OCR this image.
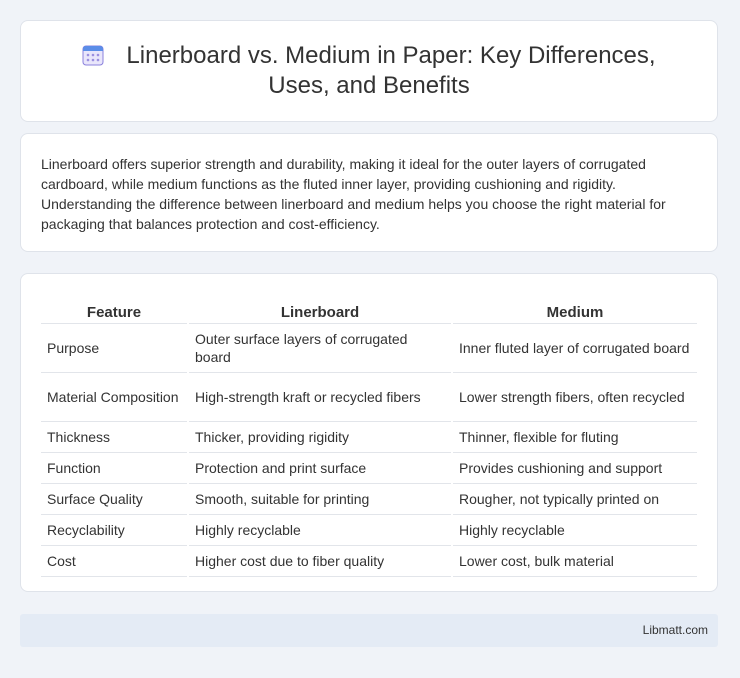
Linerboard vs. Medium in Paper: Key Differences, Uses, and Benefits

Linerboard offers superior strength and durability, making it ideal for the outer layers of corrugated cardboard, while medium functions as the fluted inner layer, providing cushioning and rigidity. Understanding the difference between linerboard and medium helps you choose the right material for packaging that balances protection and cost-efficiency.

Feature	Linerboard	Medium
Purpose	Outer surface layers of corrugated board	Inner fluted layer of corrugated board
Material Composition	High-strength kraft or recycled fibers	Lower strength fibers, often recycled
Thickness	Thicker, providing rigidity	Thinner, flexible for fluting
Function	Protection and print surface	Provides cushioning and support
Surface Quality	Smooth, suitable for printing	Rougher, not typically printed on
Recyclability	Highly recyclable	Highly recyclable
Cost	Higher cost due to fiber quality	Lower cost, bulk material
Libmatt.com
